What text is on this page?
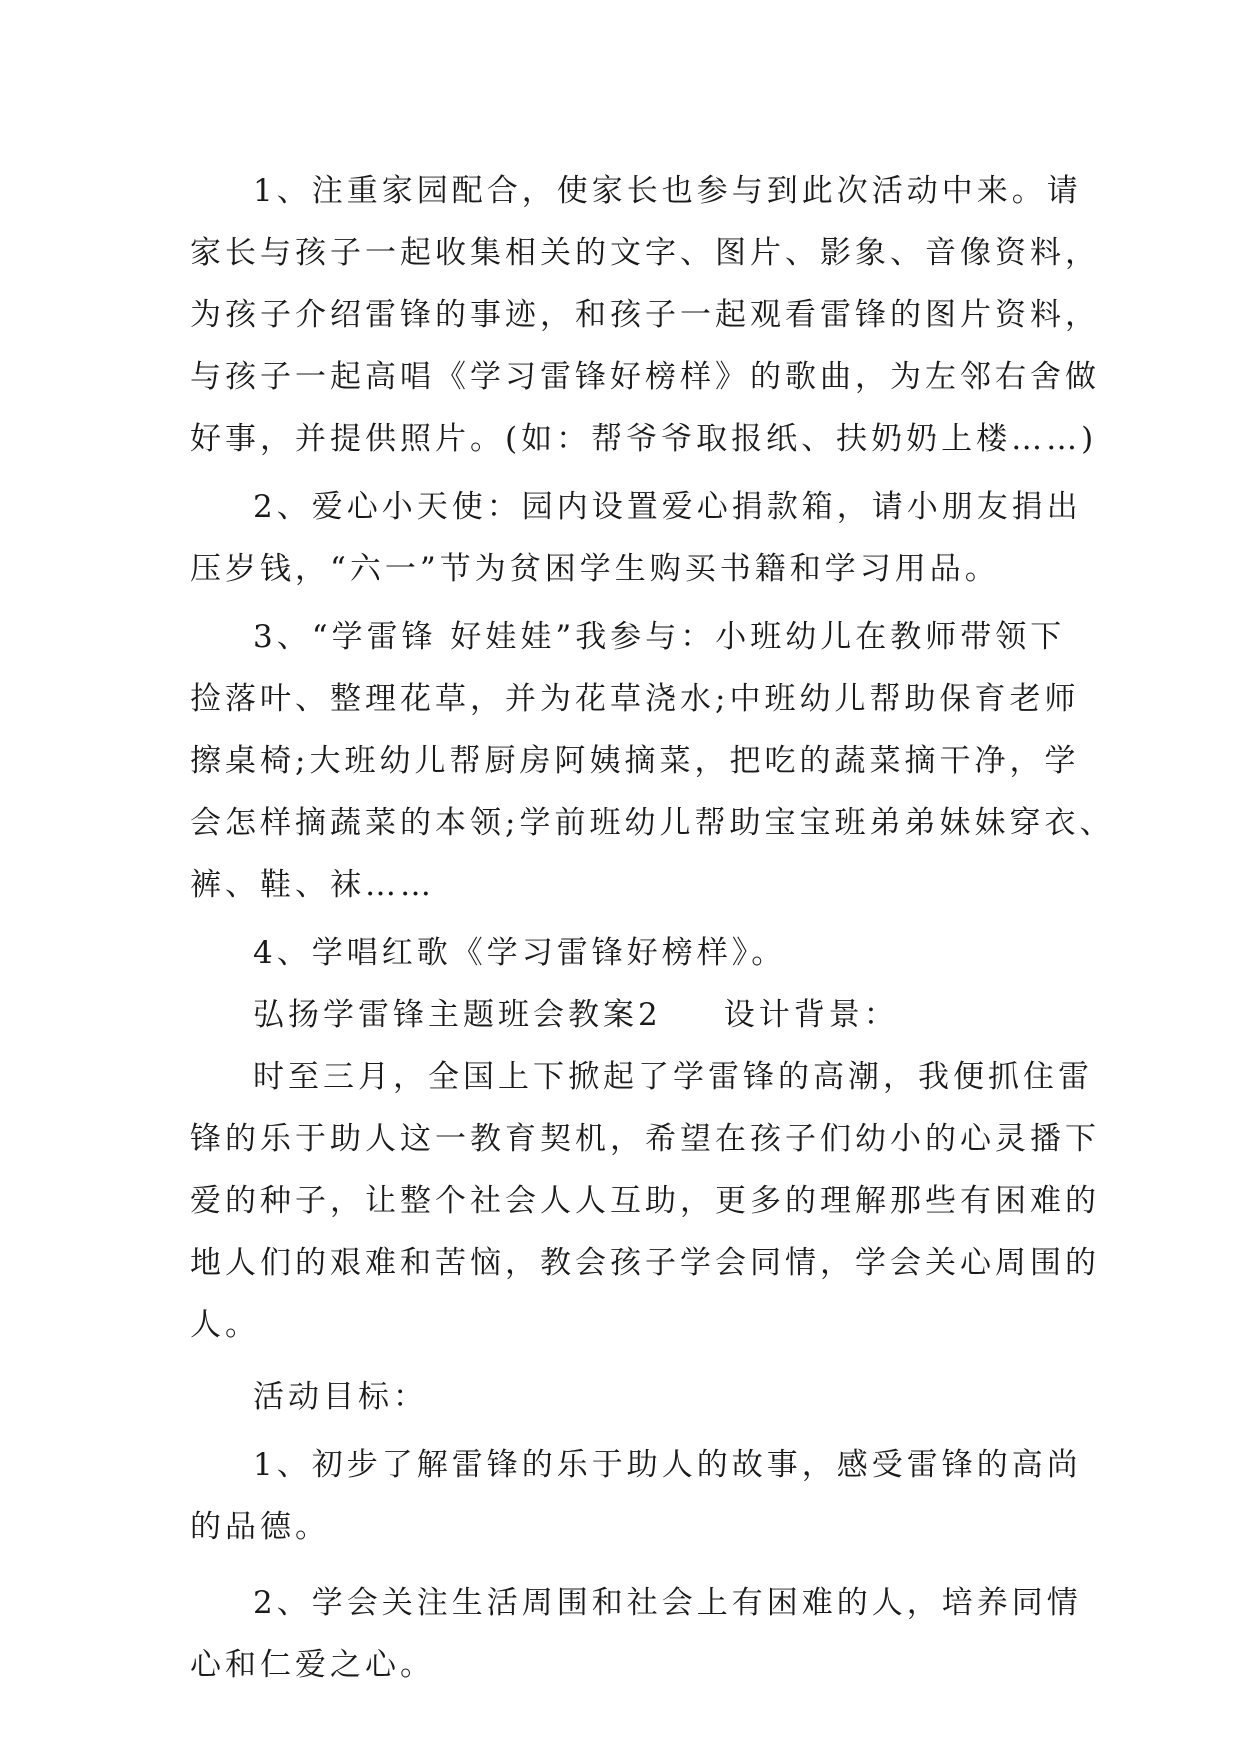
1、注重家园配合，使家长也参与到此次活动中来。请
家长与孩子一起收集相关的文字、图片、影象、音像资料，
为孩子介绍雷锋的事迹，和孩子一起观看雷锋的图片资料，
与孩子一起高唱《学习雷锋好榜样》的歌曲，为左邻右舍做
好事，并提供照片。(如：帮爷爷取报纸、扶奶奶上楼……)
2、爱心小天使：园内设置爱心捐款箱，请小朋友捐出
压岁钱，“六一”节为贫困学生购买书籍和学习用品。
3、“学雷锋 好娃娃”我参与：小班幼儿在教师带领下
捡落叶、整理花草，并为花草浇水;中班幼儿帮助保育老师
擦桌椅;大班幼儿帮厨房阿姨摘菜，把吃的蔬菜摘干净，学
会怎样摘蔬菜的本领;学前班幼儿帮助宝宝班弟弟妹妹穿衣、
裤、鞋、袜……
4、学唱红歌《学习雷锋好榜样》。
弘扬学雷锋主题班会教案2 设计背景：
时至三月，全国上下掀起了学雷锋的高潮，我便抓住雷
锋的乐于助人这一教育契机，希望在孩子们幼小的心灵播下
爱的种子，让整个社会人人互助，更多的理解那些有困难的
地人们的艰难和苦恼，教会孩子学会同情，学会关心周围的
人。
活动目标：
1、初步了解雷锋的乐于助人的故事，感受雷锋的高尚
的品德。
2、学会关注生活周围和社会上有困难的人，培养同情
心和仁爱之心。
